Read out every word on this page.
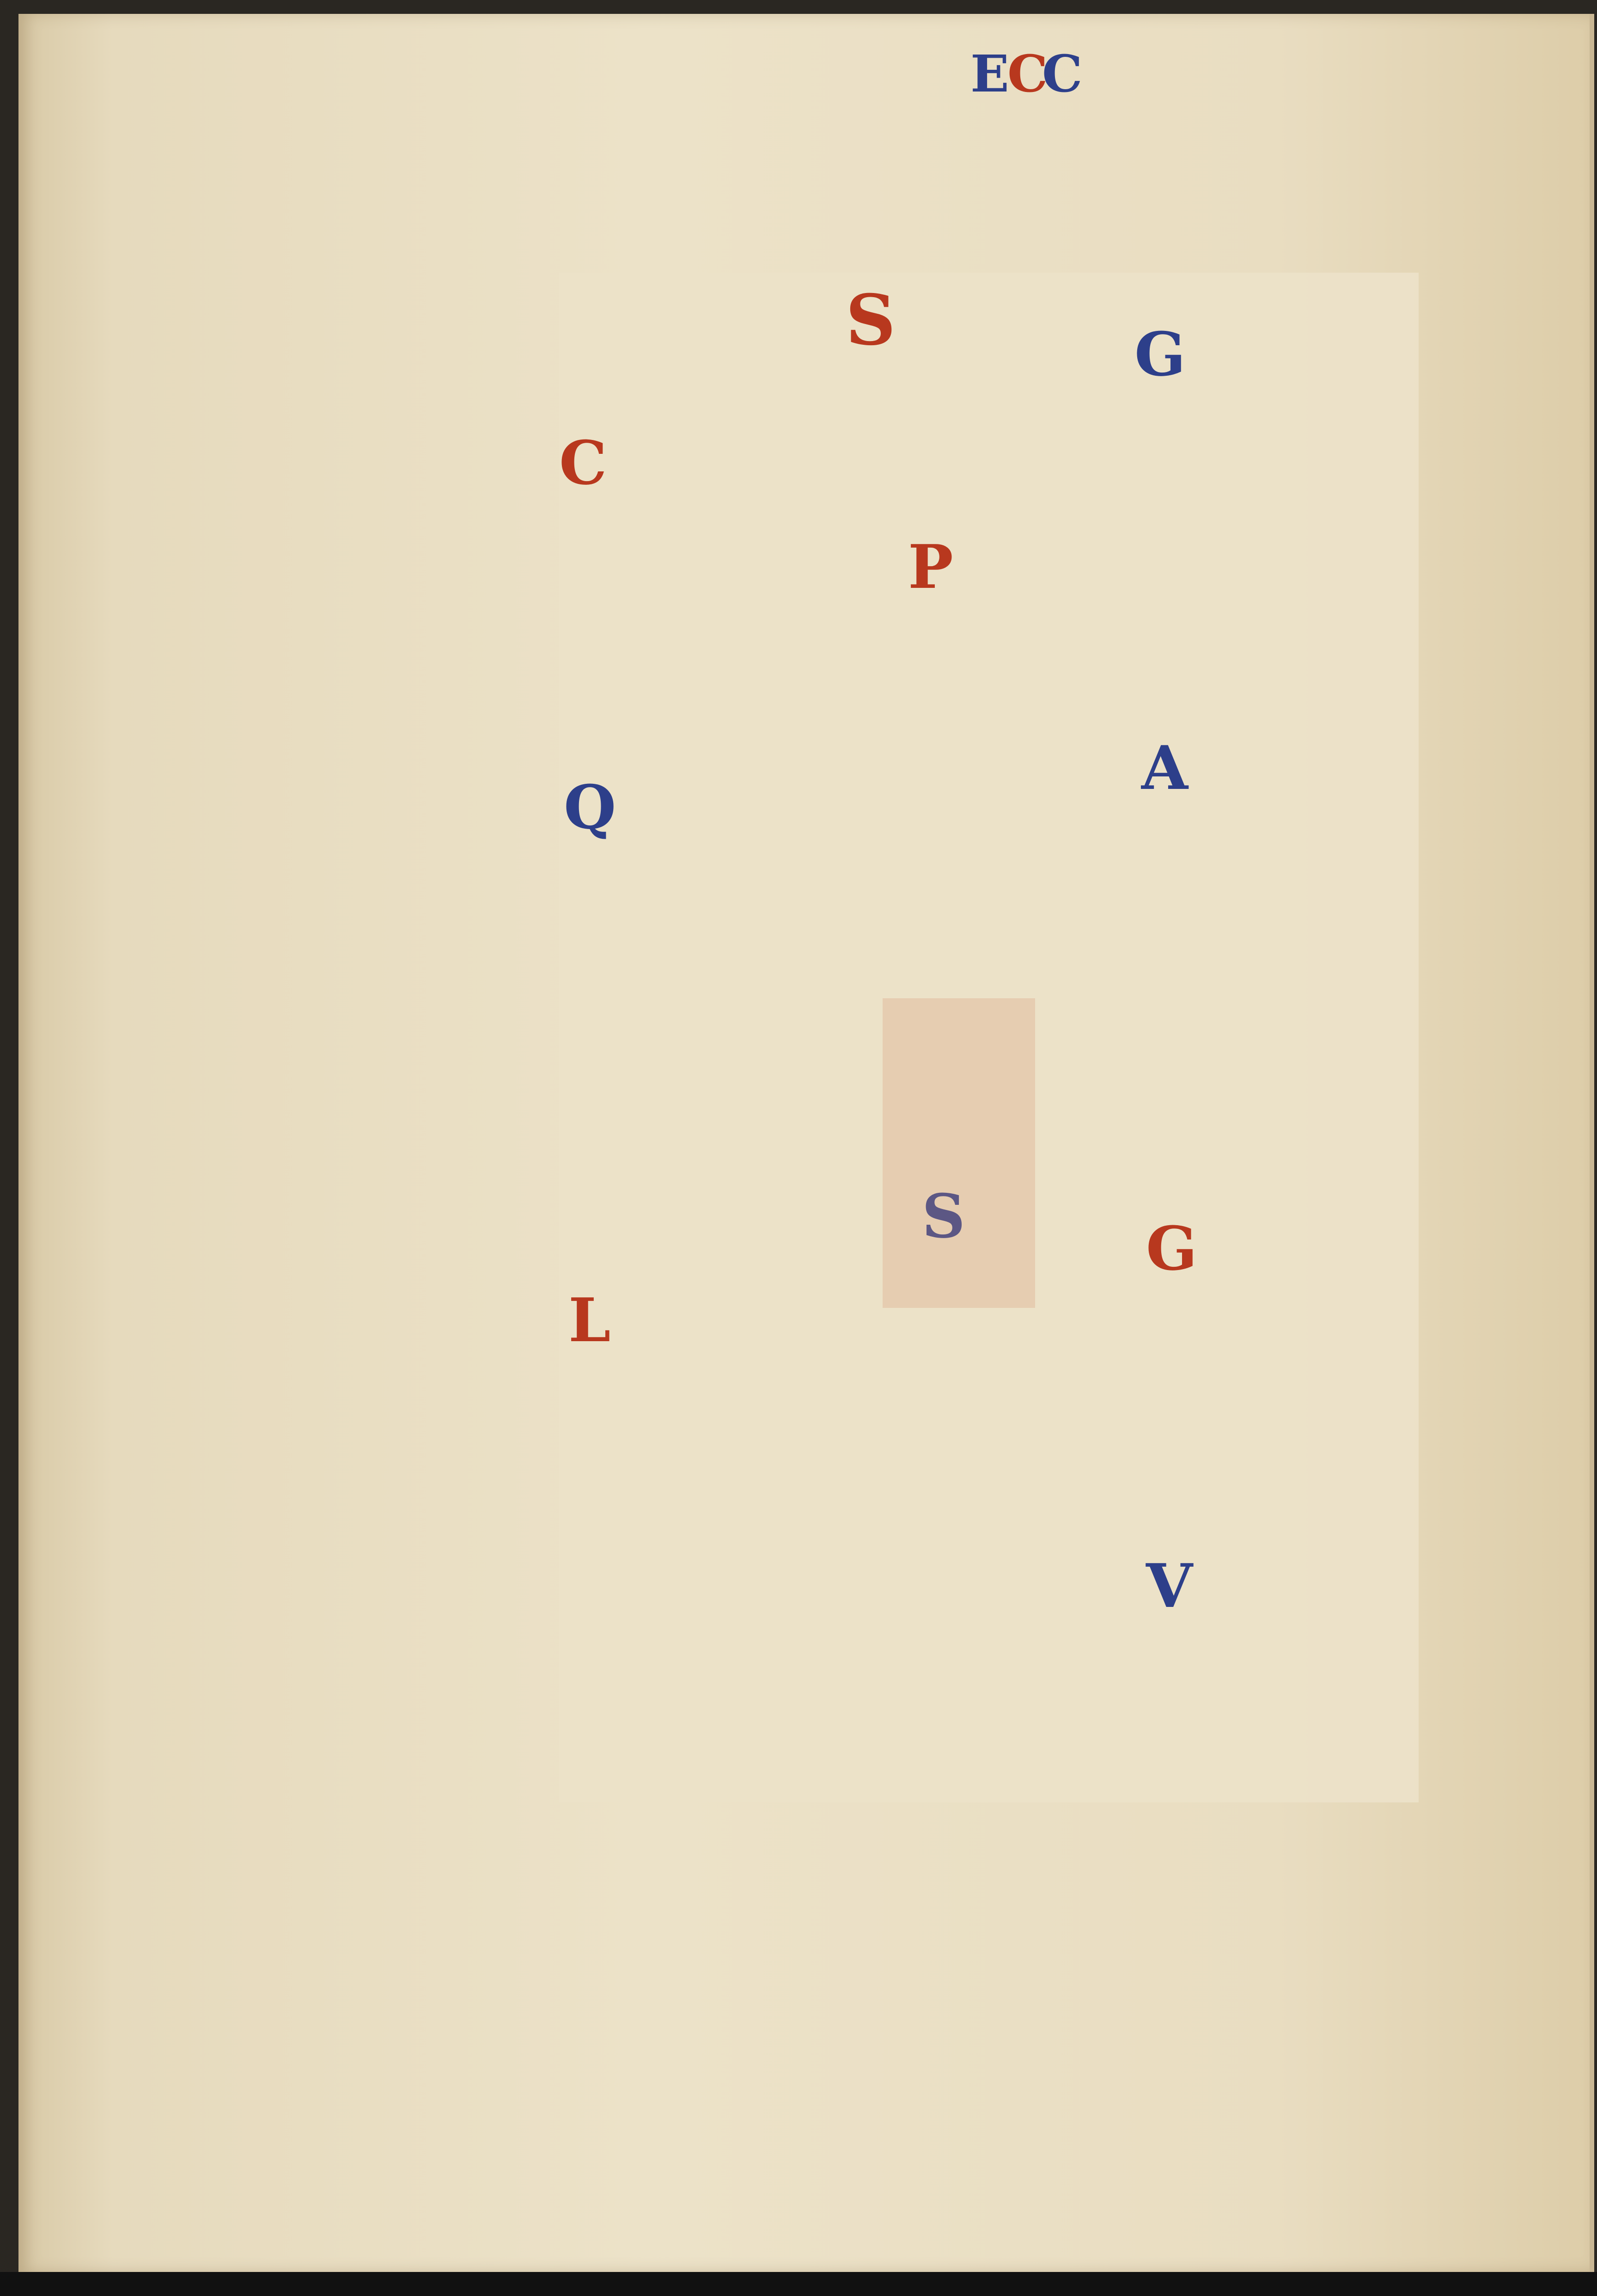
S
C
Q
L
P
G
A
S	G
V
E
C
C
